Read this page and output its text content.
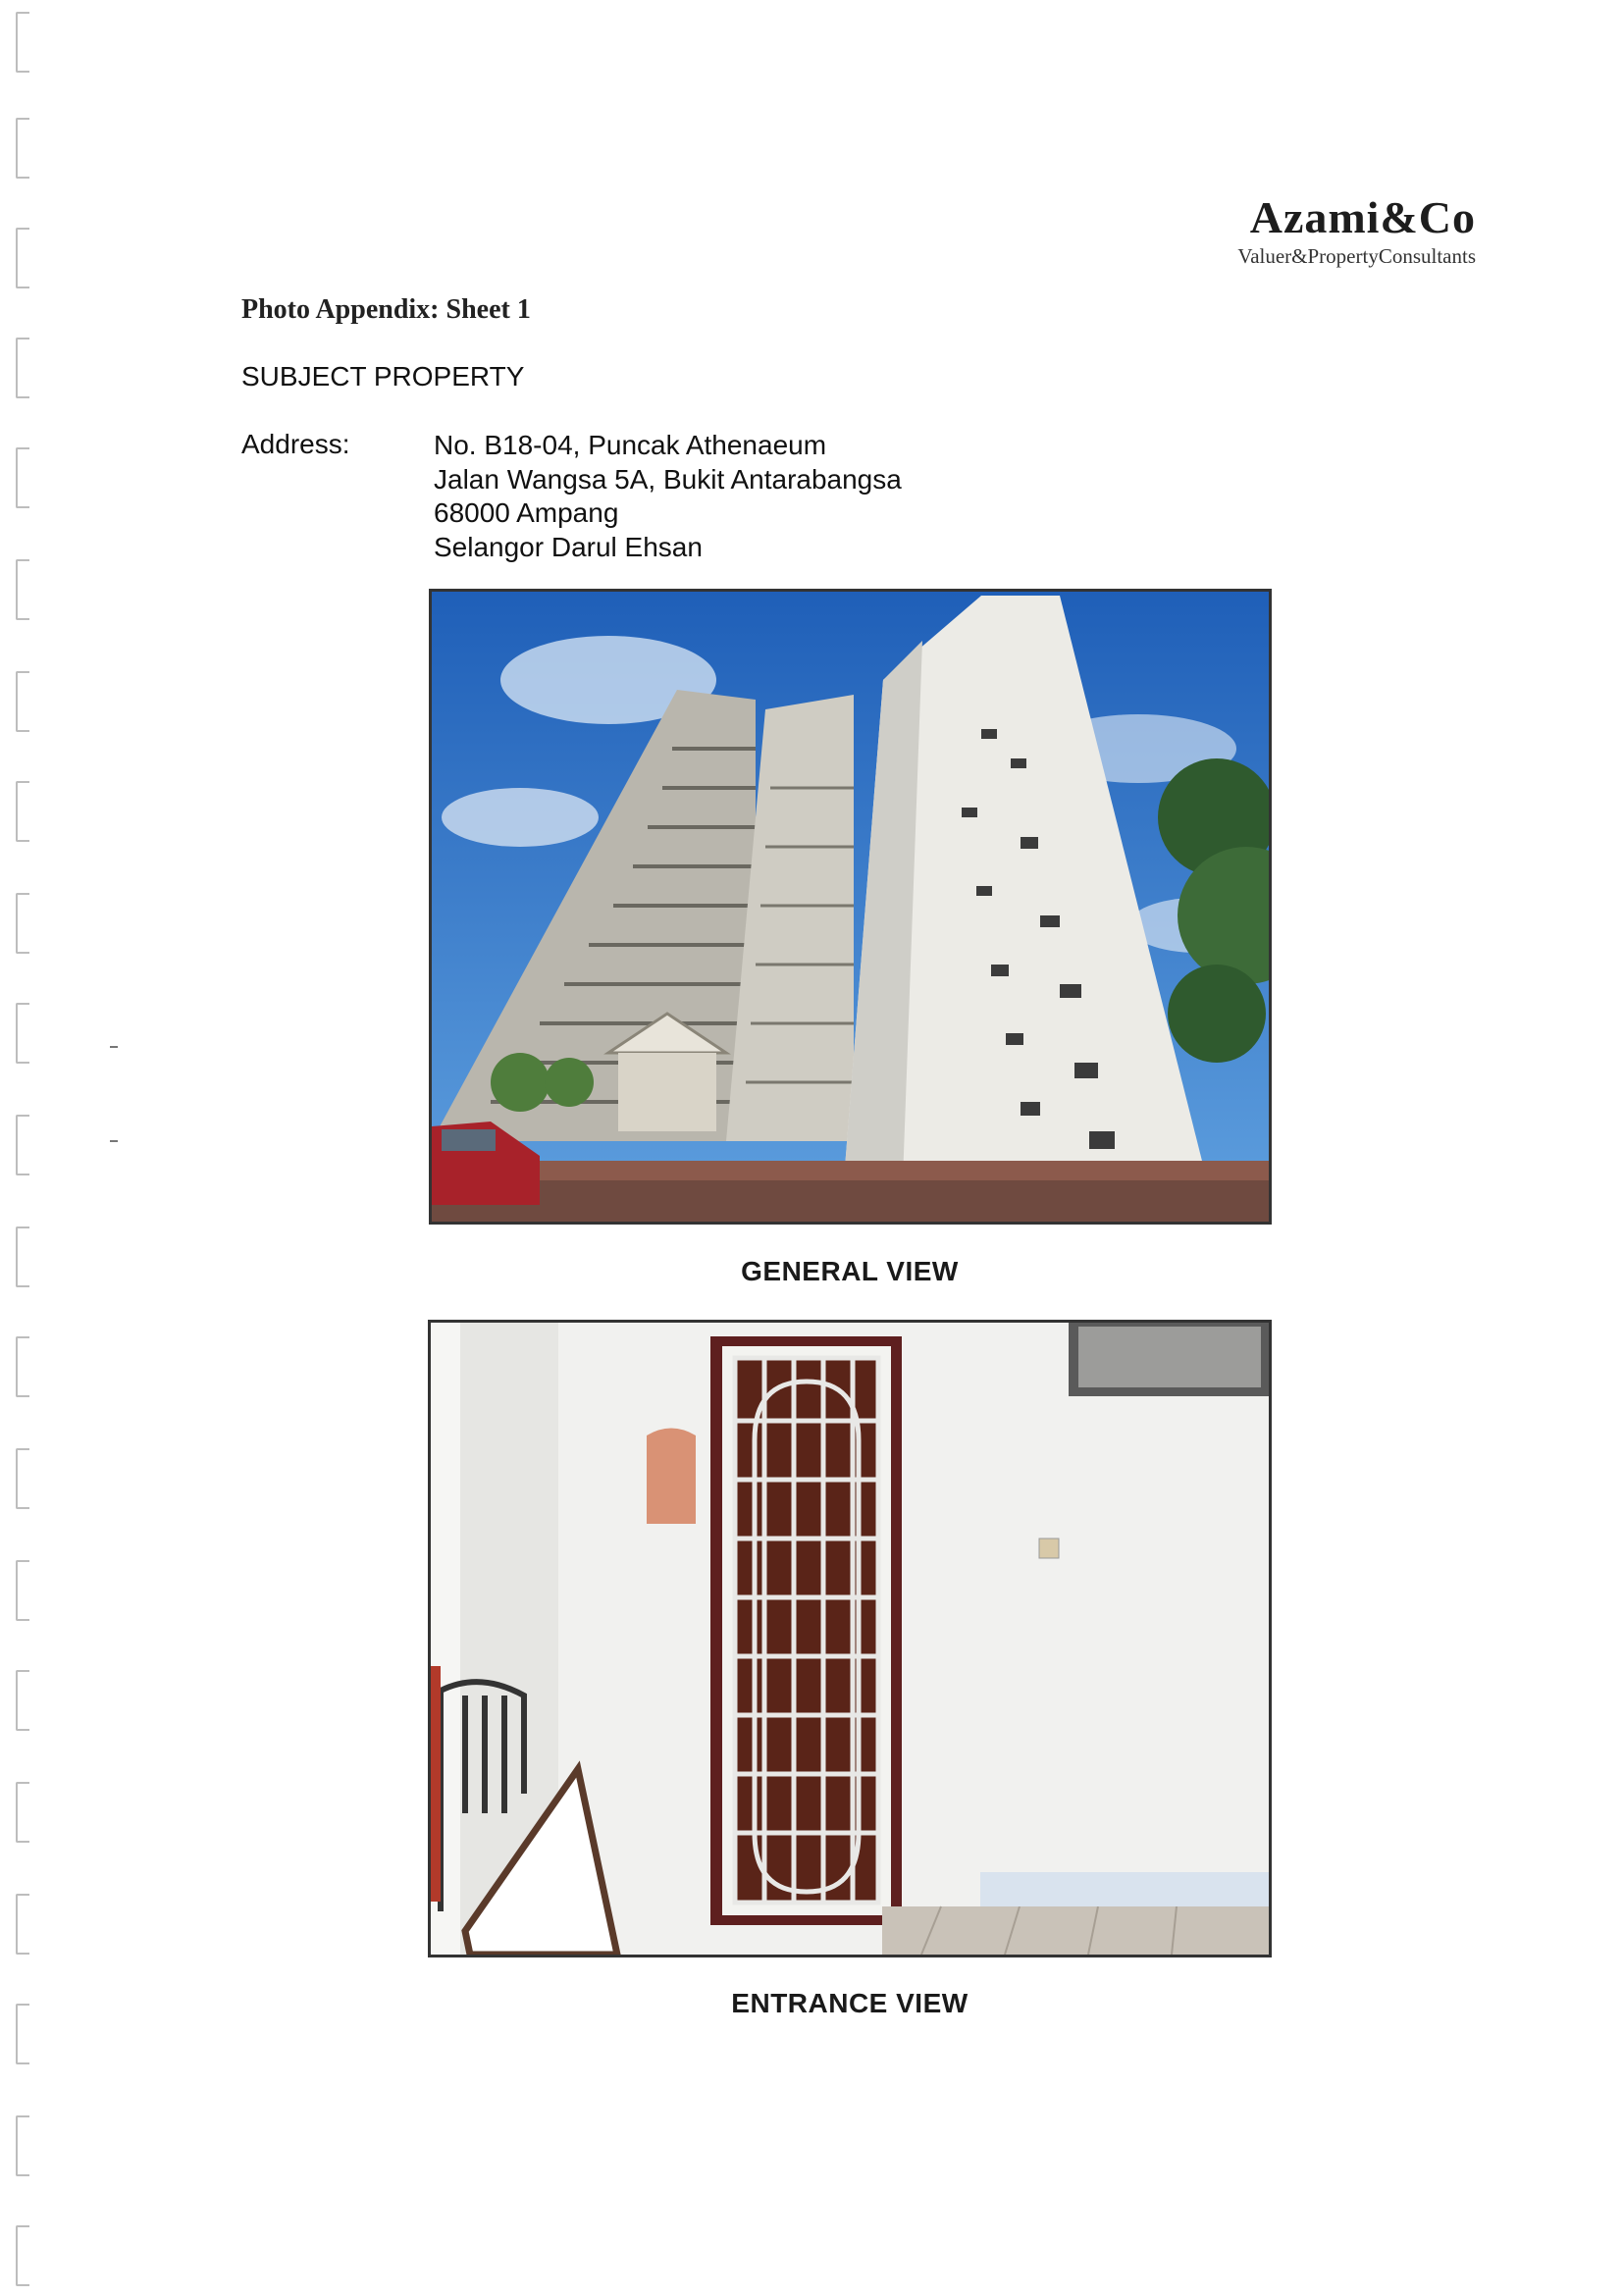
Azami&Co
Valuer&PropertyConsultants
Photo Appendix: Sheet 1
SUBJECT PROPERTY
Address:	No. B18-04, Puncak Athenaeum
Jalan Wangsa 5A, Bukit Antarabangsa
68000 Ampang
Selangor Darul Ehsan
GENERAL VIEW
ENTRANCE VIEW
